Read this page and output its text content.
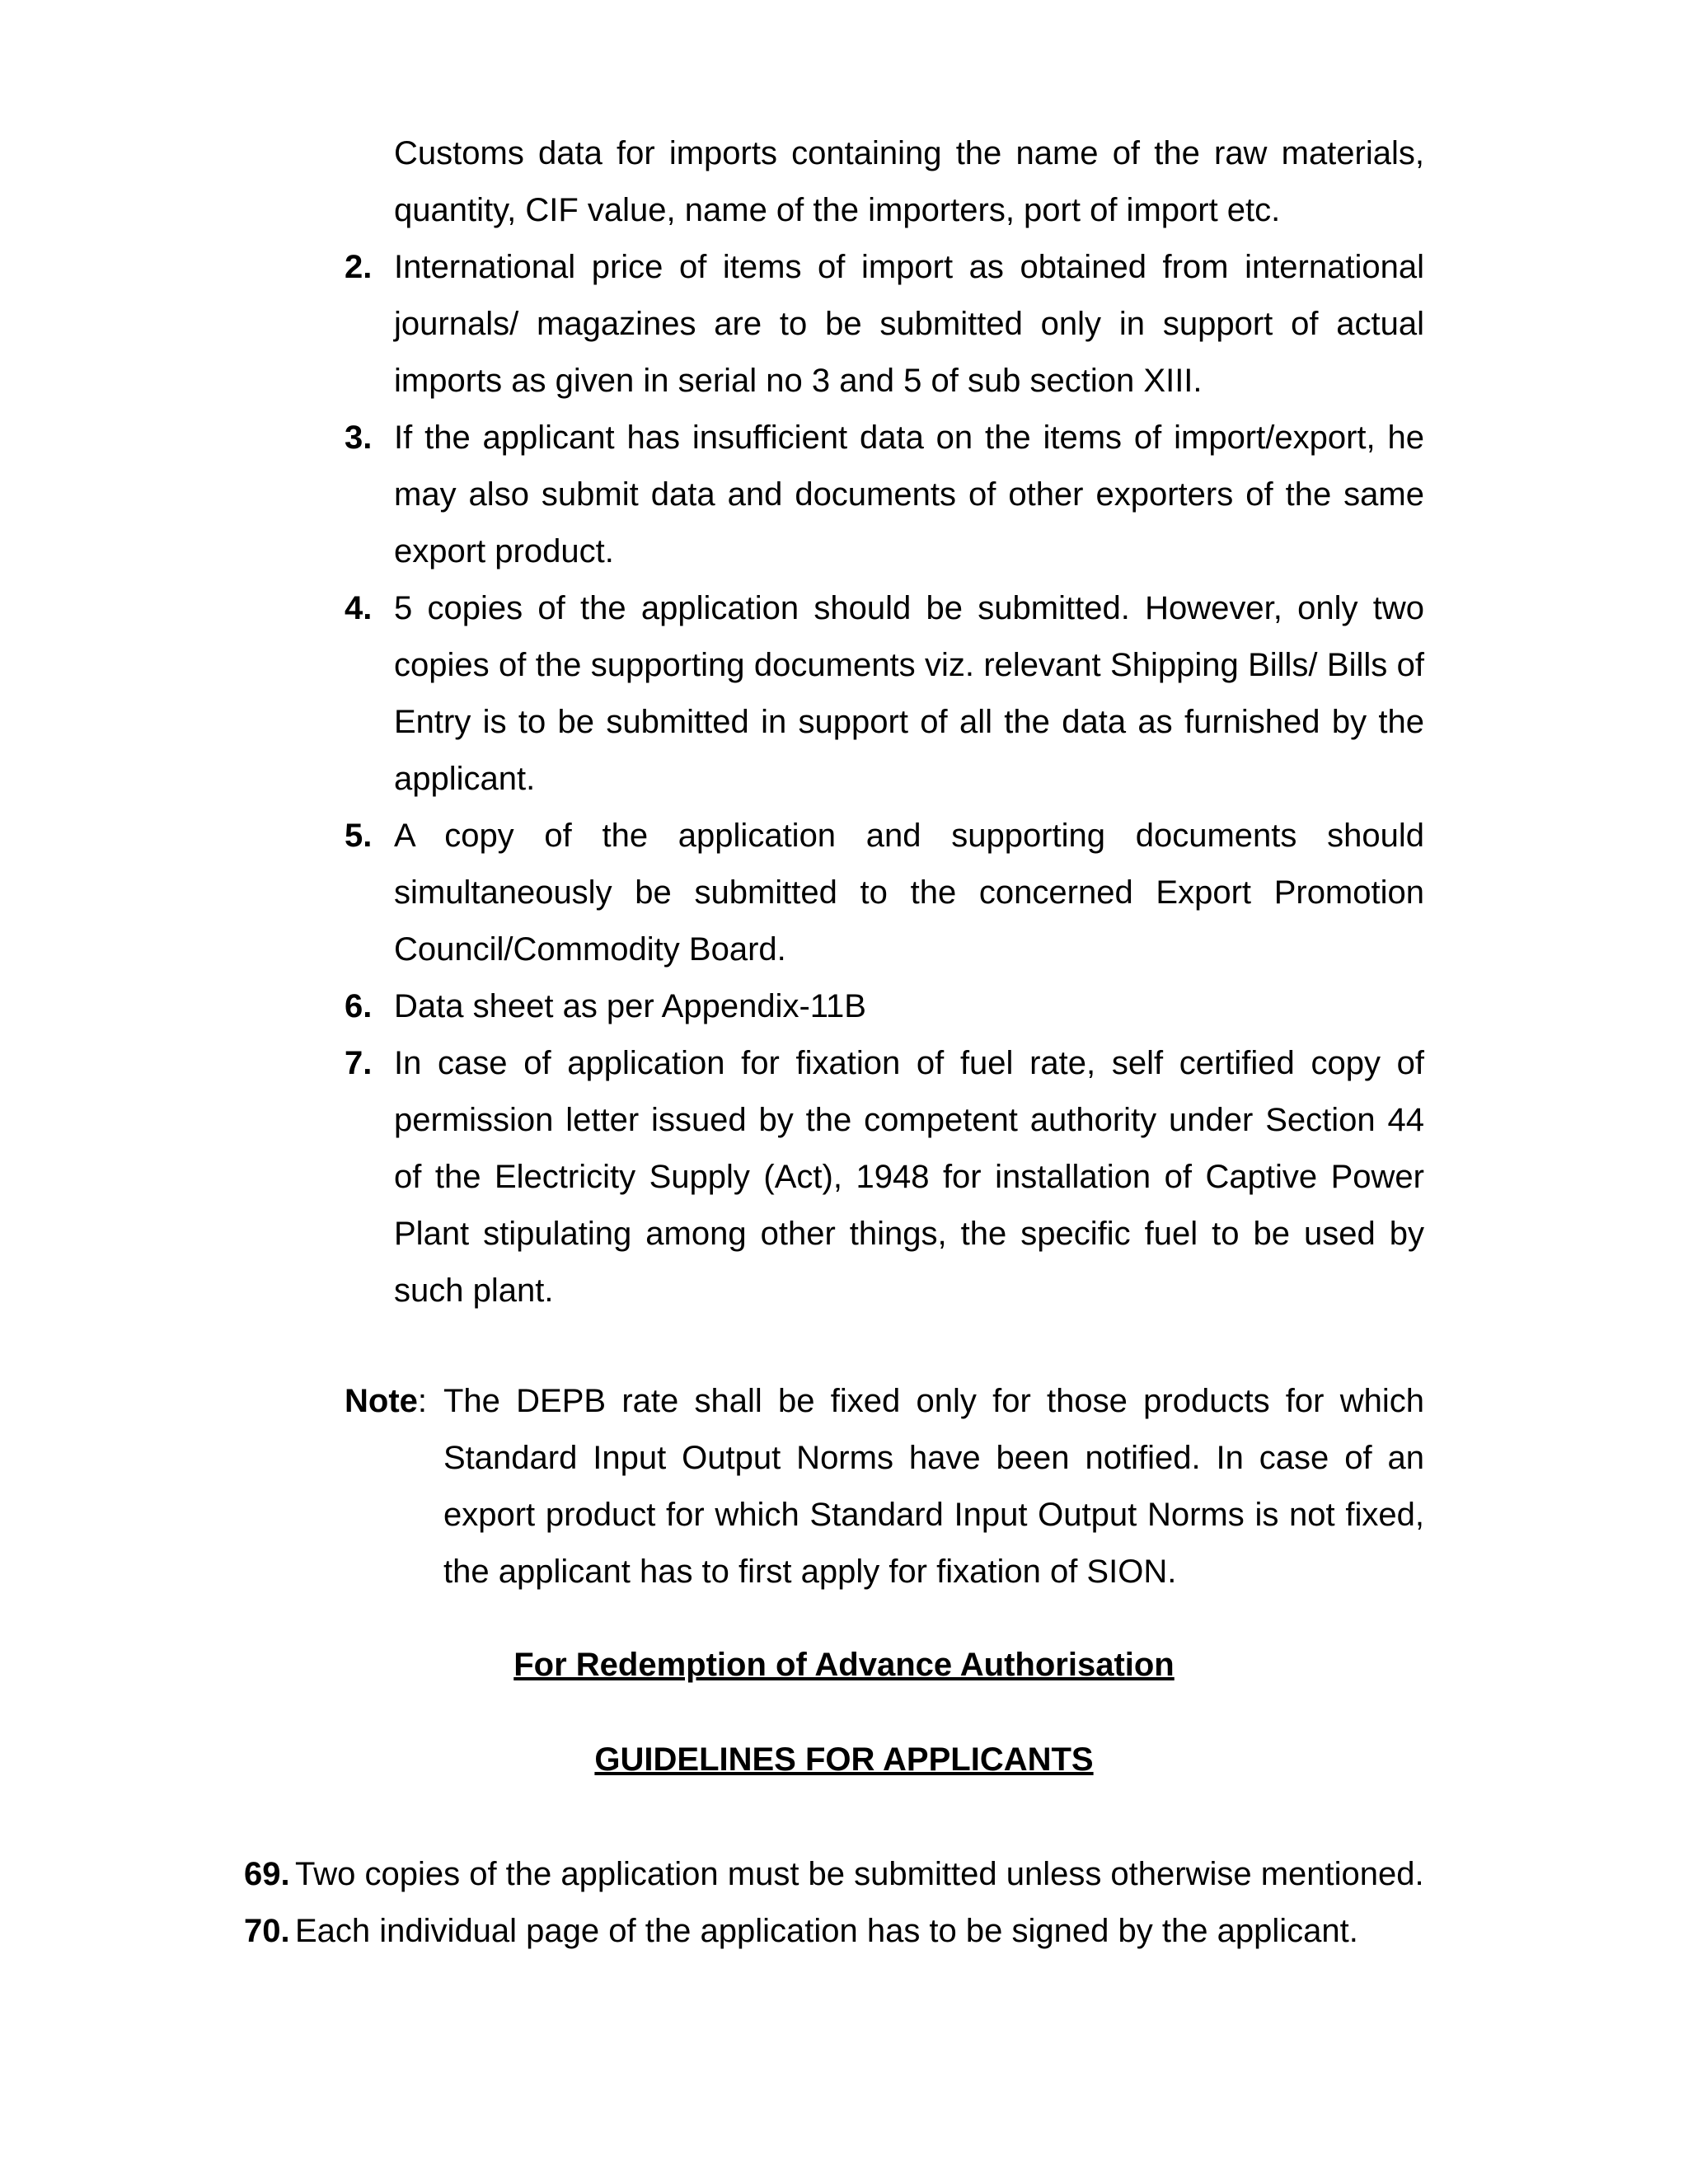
Customs data for imports containing the name of the raw materials, quantity, CIF value, name of the importers, port of import etc.
2. International price of items of import as obtained from international journals/ magazines are to be submitted only in support of actual imports as given in serial no 3 and 5 of sub section XIII.
3. If the applicant has insufficient data on the items of import/export, he may also submit data and documents of other exporters of the same export product.
4. 5 copies of the application should be submitted. However, only two copies of the supporting documents viz. relevant Shipping Bills/ Bills of Entry is to be submitted in support of all the data as furnished by the applicant.
5. A copy of the application and supporting documents should simultaneously be submitted to the concerned Export Promotion Council/Commodity Board.
6. Data sheet as per Appendix-11B
7. In case of application for fixation of fuel rate, self certified copy of permission letter issued by the competent authority under Section 44 of the Electricity Supply (Act), 1948 for installation of Captive Power Plant stipulating among other things, the specific fuel to be used by such plant.
Note: The DEPB rate shall be fixed only for those products for which Standard Input Output Norms have been notified. In case of an export product for which Standard Input Output Norms is not fixed, the applicant has to first apply for fixation of SION.
For Redemption of Advance Authorisation
GUIDELINES FOR APPLICANTS
69. Two copies of the application must be submitted unless otherwise mentioned.
70. Each individual page of the application has to be signed by the applicant.
